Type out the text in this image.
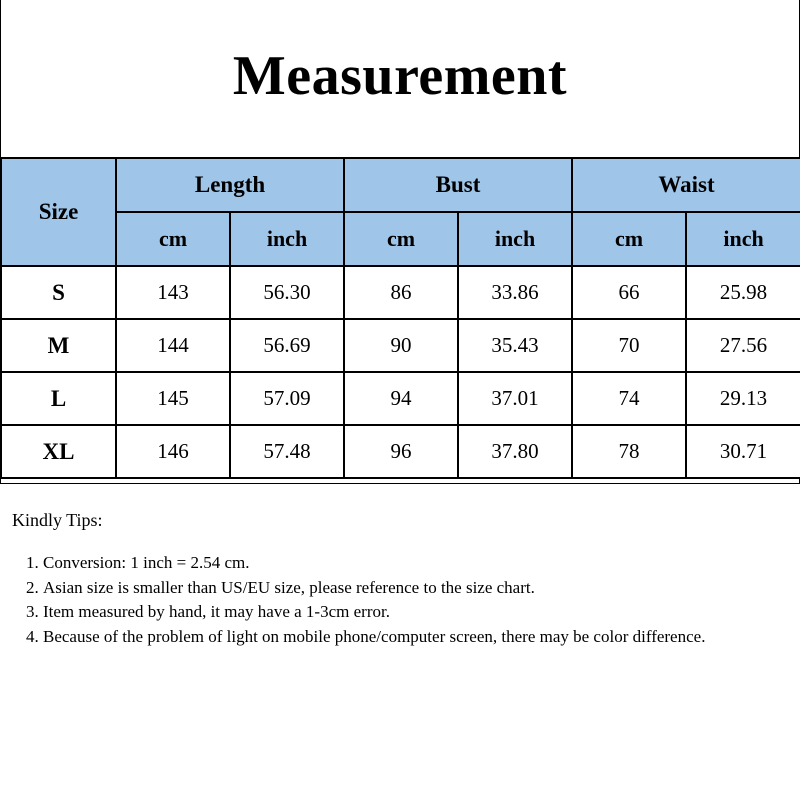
Measurement
Size	Length		Bust		Waist	
	cm	inch	cm	inch	cm	inch
S	143	56.30	86	33.86	66	25.98
M	144	56.69	90	35.43	70	27.56
L	145	57.09	94	37.01	74	29.13
XL	146	57.48	96	37.80	78	30.71

Kindly Tips:

1. Conversion: 1 inch = 2.54 cm.
2. Asian size is smaller than US/EU size, please reference to the size chart.
3. Item measured by hand, it may have a 1-3cm error.
4. Because of the problem of light on mobile phone/computer screen, there may be color difference.
